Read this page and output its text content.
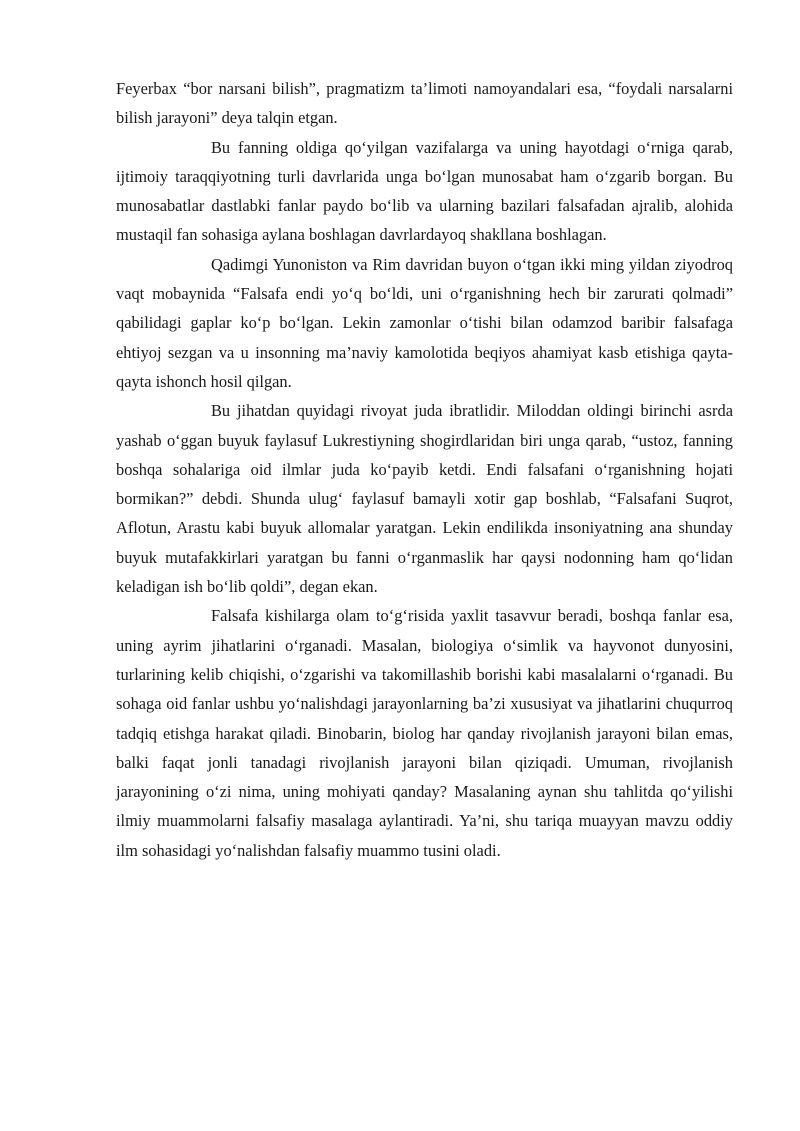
Feyerbax “bor narsani bilish”, pragmatizm ta’limoti namoyandalari esa, “foydali narsalarni bilish jarayoni” deya talqin etgan.

Bu fanning oldiga qo‘yilgan vazifalarga va uning hayotdagi o‘rniga qarab, ijtimoiy taraqqiyotning turli davrlarida unga bo‘lgan munosabat ham o‘zgarib borgan. Bu munosabatlar dastlabki fanlar paydo bo‘lib va ularning bazilari falsafadan ajralib, alohida mustaqil fan sohasiga aylana boshlagan davrlardayoq shakllana boshlagan.

Qadimgi Yunoniston va Rim davridan buyon o‘tgan ikki ming yildan ziyodroq vaqt mobaynida “Falsafa endi yo‘q bo‘ldi, uni o‘rganishning hech bir zarurati qolmadi” qabilidagi gaplar ko‘p bo‘lgan. Lekin zamonlar o‘tishi bilan odamzod baribir falsafaga ehtiyoj sezgan va u insonning ma’naviy kamolotida beqiyos ahamiyat kasb etishiga qayta-qayta ishonch hosil qilgan.

Bu jihatdan quyidagi rivoyat juda ibratlidir. Miloddan oldingi birinchi asrda yashab o‘ggan buyuk faylasuf Lukrestiyning shogirdlaridan biri unga qarab, “ustoz, fanning boshqa sohalariga oid ilmlar juda ko‘payib ketdi. Endi falsafani o‘rganishning hojati bormikan?” debdi. Shunda ulug‘ faylasuf bamayli xotir gap boshlab, “Falsafani Suqrot, Aflotun, Arastu kabi buyuk allomalar yaratgan. Lekin endilikda insoniyatning ana shunday buyuk mutafakkirlari yaratgan bu fanni o‘rganmaslik har qaysi nodonning ham qo‘lidan keladigan ish bo‘lib qoldi”, degan ekan.

Falsafa kishilarga olam to‘g‘risida yaxlit tasavvur beradi, boshqa fanlar esa, uning ayrim jihatlarini o‘rganadi. Masalan, biologiya o‘simlik va hayvonot dunyosini, turlarining kelib chiqishi, o‘zgarishi va takomillashib borishi kabi masalalarni o‘rganadi. Bu sohaga oid fanlar ushbu yo‘nalishdagi jarayonlarning ba’zi xususiyat va jihatlarini chuqurroq tadqiq etishga harakat qiladi. Binobarin, biolog har qanday rivojlanish jarayoni bilan emas, balki faqat jonli tanadagi rivojlanish jarayoni bilan qiziqadi. Umuman, rivojlanish jarayonining o‘zi nima, uning mohiyati qanday? Masalaning aynan shu tahlitda qo‘yilishi ilmiy muammolarni falsafiy masalaga aylantiradi. Ya’ni, shu tariqa muayyan mavzu oddiy ilm sohasidagi yo‘nalishdan falsafiy muammo tusini oladi.
